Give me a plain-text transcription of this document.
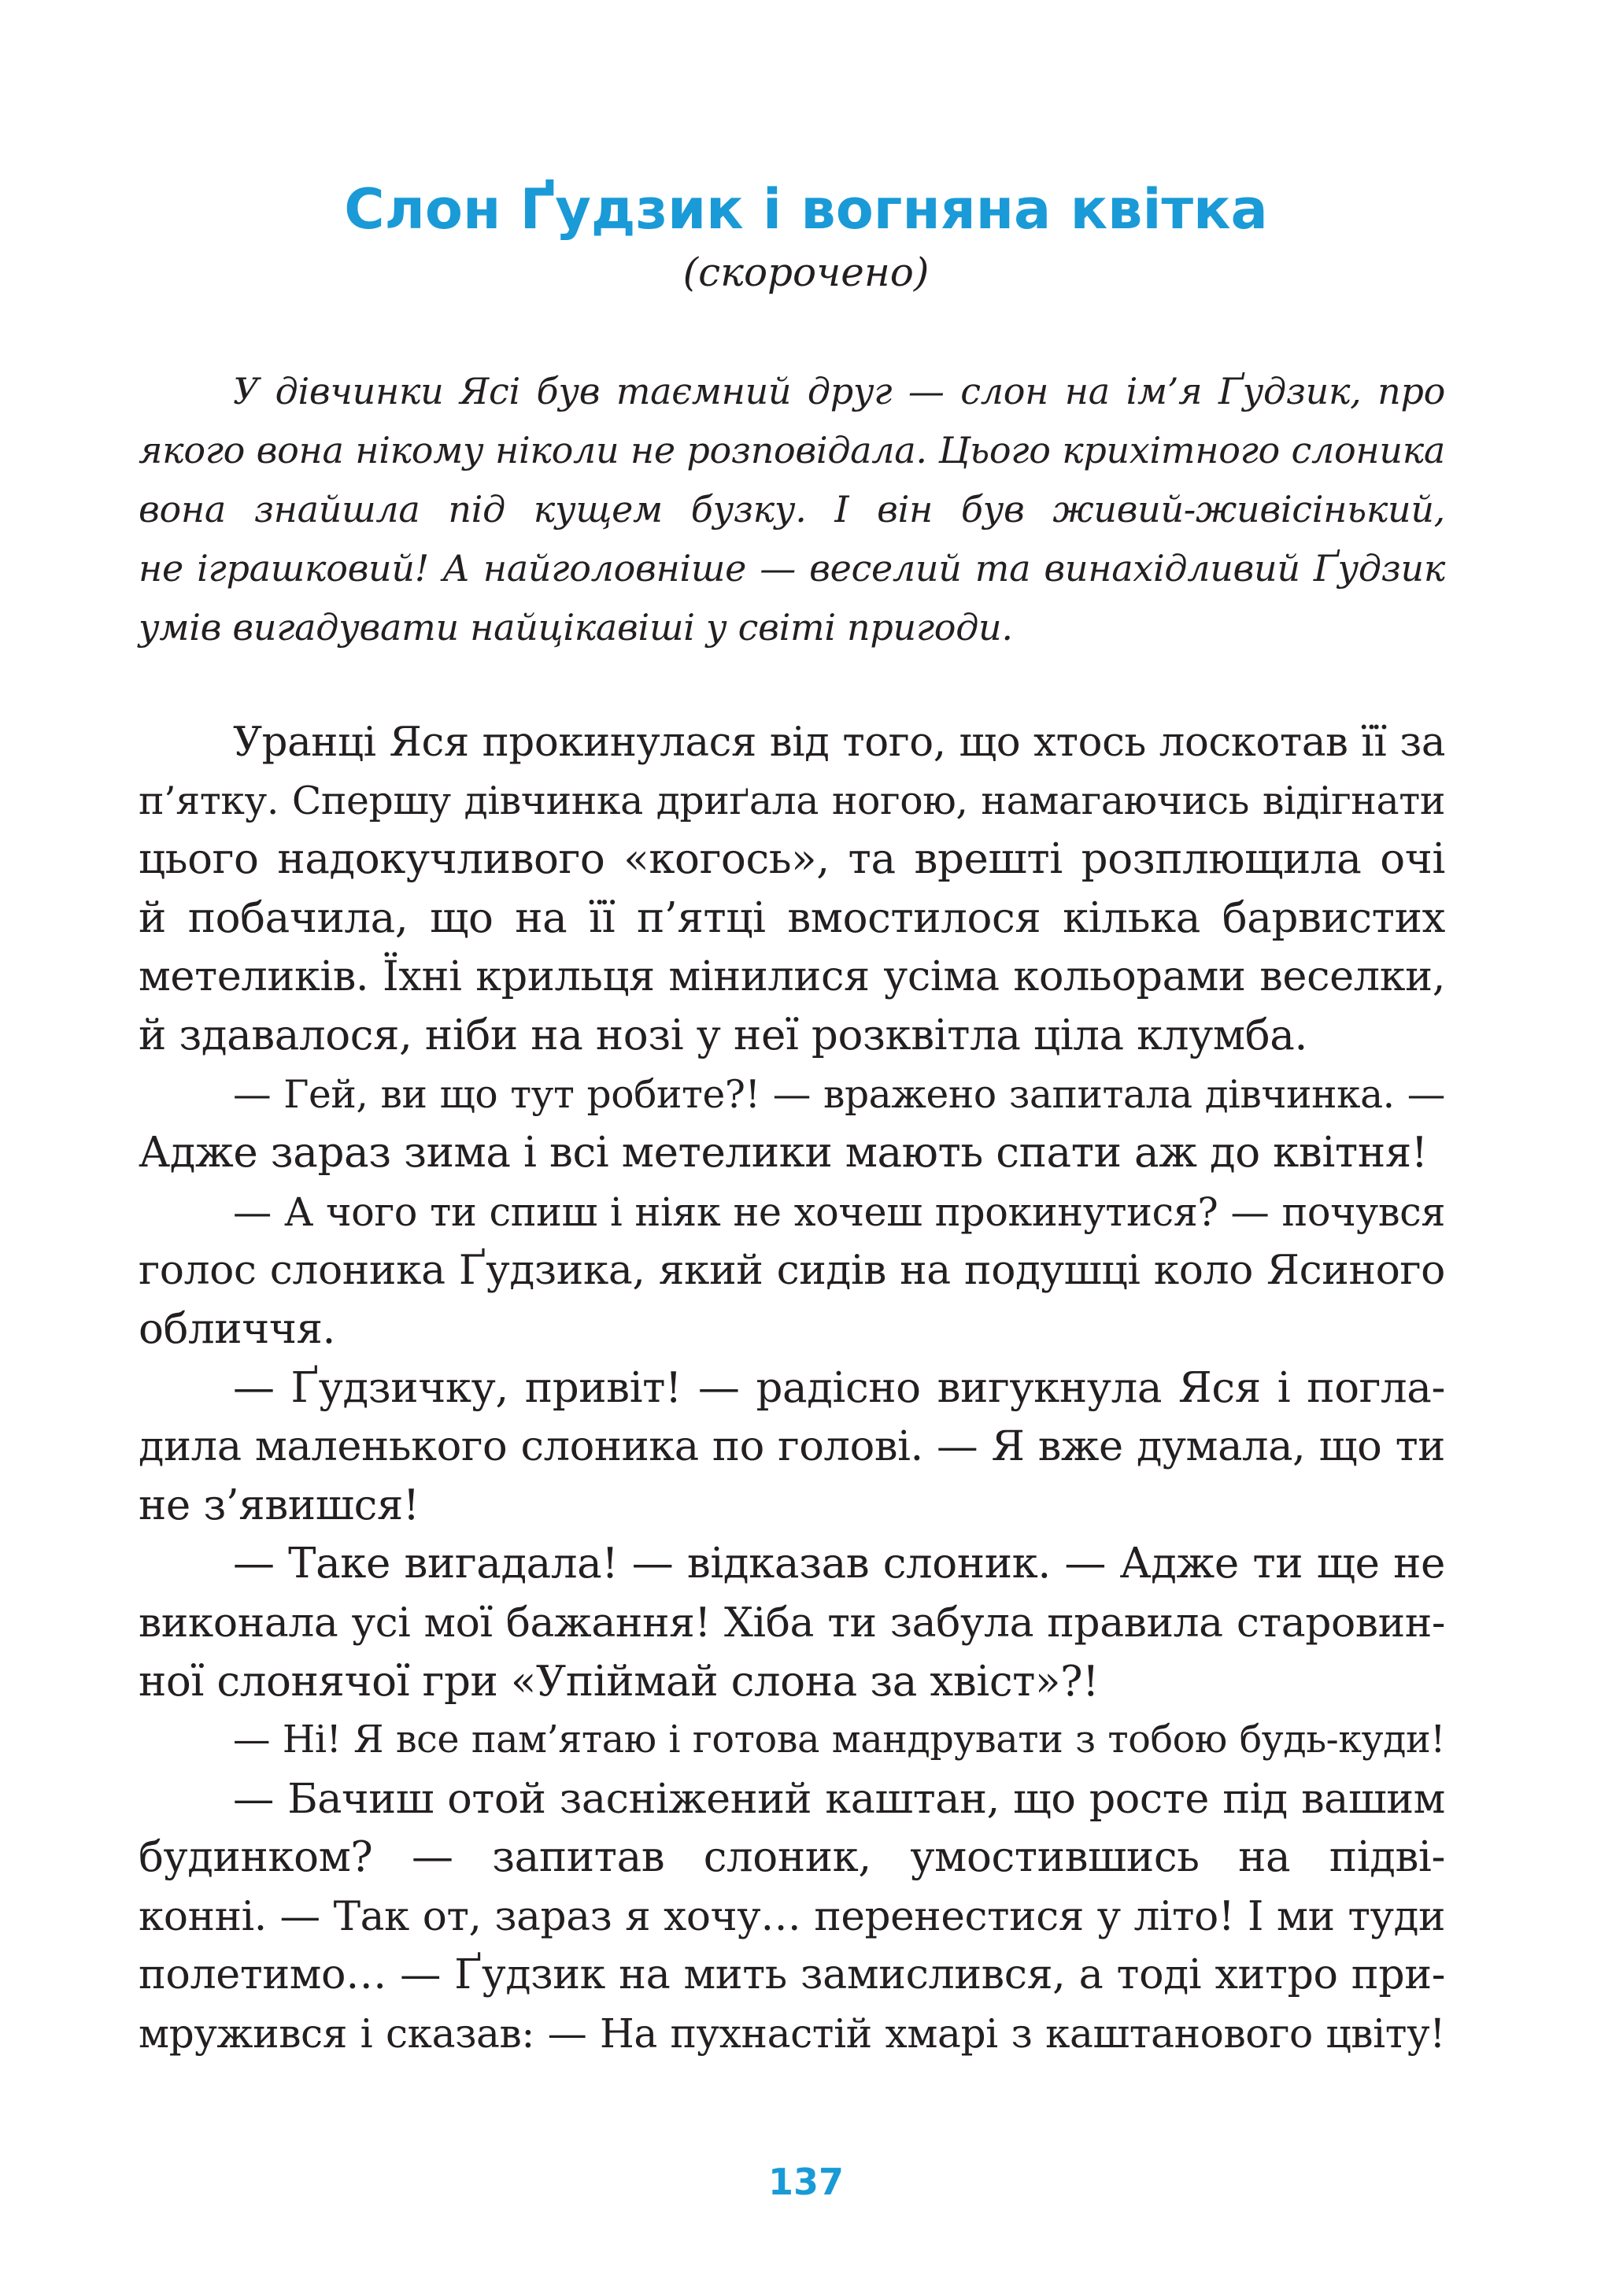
Слон Ґудзик і вогняна квітка

(скорочено)

У дівчинки Ясі був таємний друг — слон на ім’я Ґудзик, про
якого вона нікому ніколи не розповідала. Цього крихітного слоника
вона знайшла під кущем бузку. І він був живий-живісінький,
не іграшковий! А найголовніше — веселий та винахідливий Ґудзик
умів вигадувати найцікавіші у світі пригоди.
Уранці Яся прокинулася від того, що хтось лоскотав її за
п’ятку. Спершу дівчинка дриґала ногою, намагаючись відігнати
цього надокучливого «когось», та врешті розплющила очі
й побачила, що на її п’ятці вмостилося кілька барвистих
метеликів. Їхні крильця мінилися усіма кольорами веселки,
й здавалося, ніби на нозі у неї розквітла ціла клумба.
— Гей, ви що тут робите?! — вражено запитала дівчинка. —
Адже зараз зима і всі метелики мають спати аж до квітня!
— А чого ти спиш і ніяк не хочеш прокинутися? — почувся
голос слоника Ґудзика, який сидів на подушці коло Ясиного
обличчя.
— Ґудзичку, привіт! — радісно вигукнула Яся і погла-
дила маленького слоника по голові. — Я вже думала, що ти
не з’явишся!
— Таке вигадала! — відказав слоник. — Адже ти ще не
виконала усі мої бажання! Хіба ти забула правила старовин-
ної слонячої гри «Упіймай слона за хвіст»?!
— Ні! Я все пам’ятаю і готова мандрувати з тобою будь-куди!
— Бачиш отой засніжений каштан, що росте під вашим
будинком? — запитав слоник, умостившись на підві-
конні. — Так от, зараз я хочу… перенестися у літо! І ми туди
полетимо… — Ґудзик на мить замислився, а тоді хитро при-
мружився і сказав: — На пухнастій хмарі з каштанового цвіту!

137
